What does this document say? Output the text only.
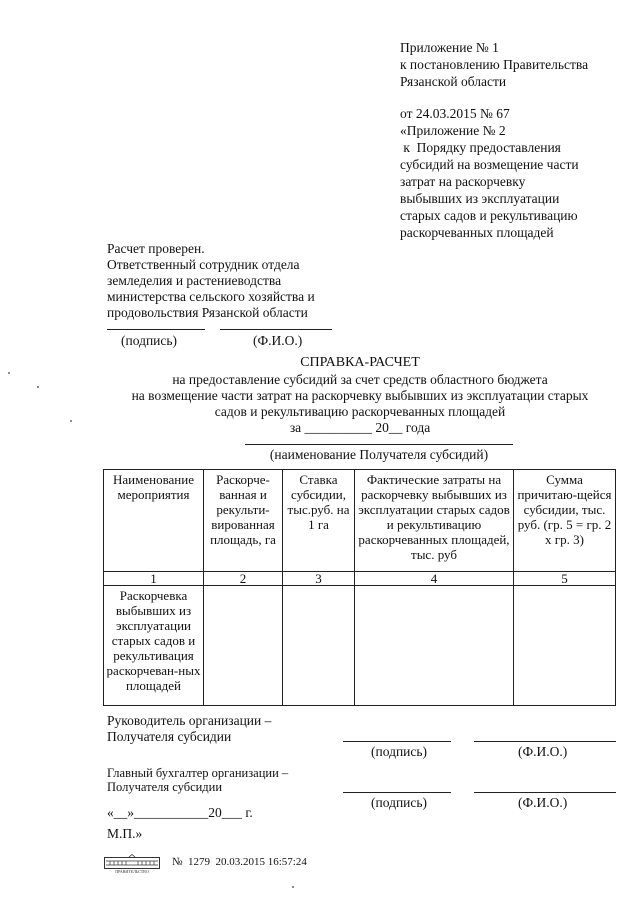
Приложение № 1
к постановлению Правительства
Рязанской области
от 24.03.2015 № 67
«Приложение № 2
к  Порядку предоставления
субсидий на возмещение части
затрат на раскорчевку
выбывших из эксплуатации
старых садов и рекультивацию
раскорчеванных площадей
Расчет проверен.
Ответственный сотрудник отдела
земледелия и растениеводства
министерства сельского хозяйства и
продовольствия Рязанской области
(подпись)	(Ф.И.О.)
СПРАВКА-РАСЧЕТ
на предоставление субсидий за счет средств областного бюджета
на возмещение части затрат на раскорчевку выбывших из эксплуатации старых
садов и рекультивацию раскорчеванных площадей
за __________ 20__ года
(наименование Получателя субсидий)
Наименование мероприятия	Раскорче-ванная и рекульти-вированная площадь, га	Ставка субсидии, тыс.руб. на 1 га	Фактические затраты на раскорчевку выбывших из эксплуатации старых садов и рекультивацию раскорчеванных площадей, тыс. руб	Сумма причитаю-щейся субсидии, тыс. руб. (гр. 5 = гр. 2 х гр. 3)
1	2	3	4	5
Раскорчевка выбывших из эксплуатации старых садов и рекультивация раскорчеван-ных площадей				
Руководитель организации –
Получателя субсидии
(подпись)	(Ф.И.О.)
Главный бухгалтер организации –
Получателя субсидии
(подпись)	(Ф.И.О.)
«__»___________20___ г.
М.П.»
ПРАВИТЕЛЬСТВО
№  1279  20.03.2015 16:57:24
